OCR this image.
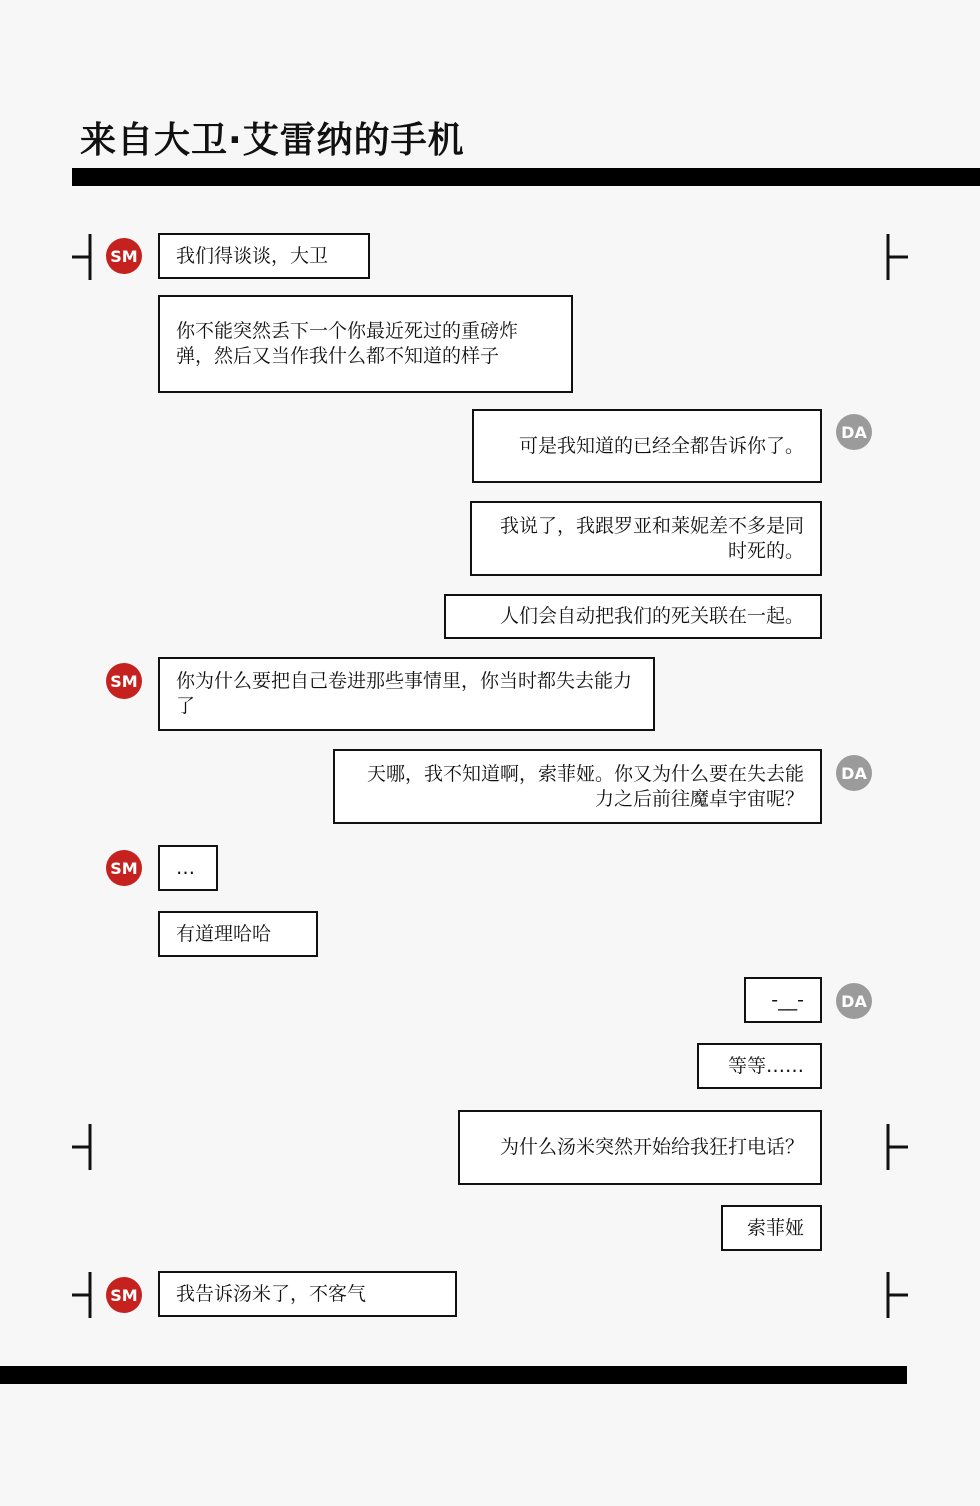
来自大卫·艾雷纳的手机
SM
DA
SM
DA
SM
DA
SM
我们得谈谈，大卫
你不能突然丢下一个你最近死过的重磅炸弹，然后又当作我什么都不知道的样子
可是我知道的已经全都告诉你了。
我说了，我跟罗亚和莱妮差不多是同时死的。
人们会自动把我们的死关联在一起。
你为什么要把自己卷进那些事情里，你当时都失去能力了
天哪，我不知道啊，索菲娅。你又为什么要在失去能力之后前往魔卓宇宙呢？
…
有道理哈哈
-__-
等等……
为什么汤米突然开始给我狂打电话？
索菲娅
我告诉汤米了，不客气
